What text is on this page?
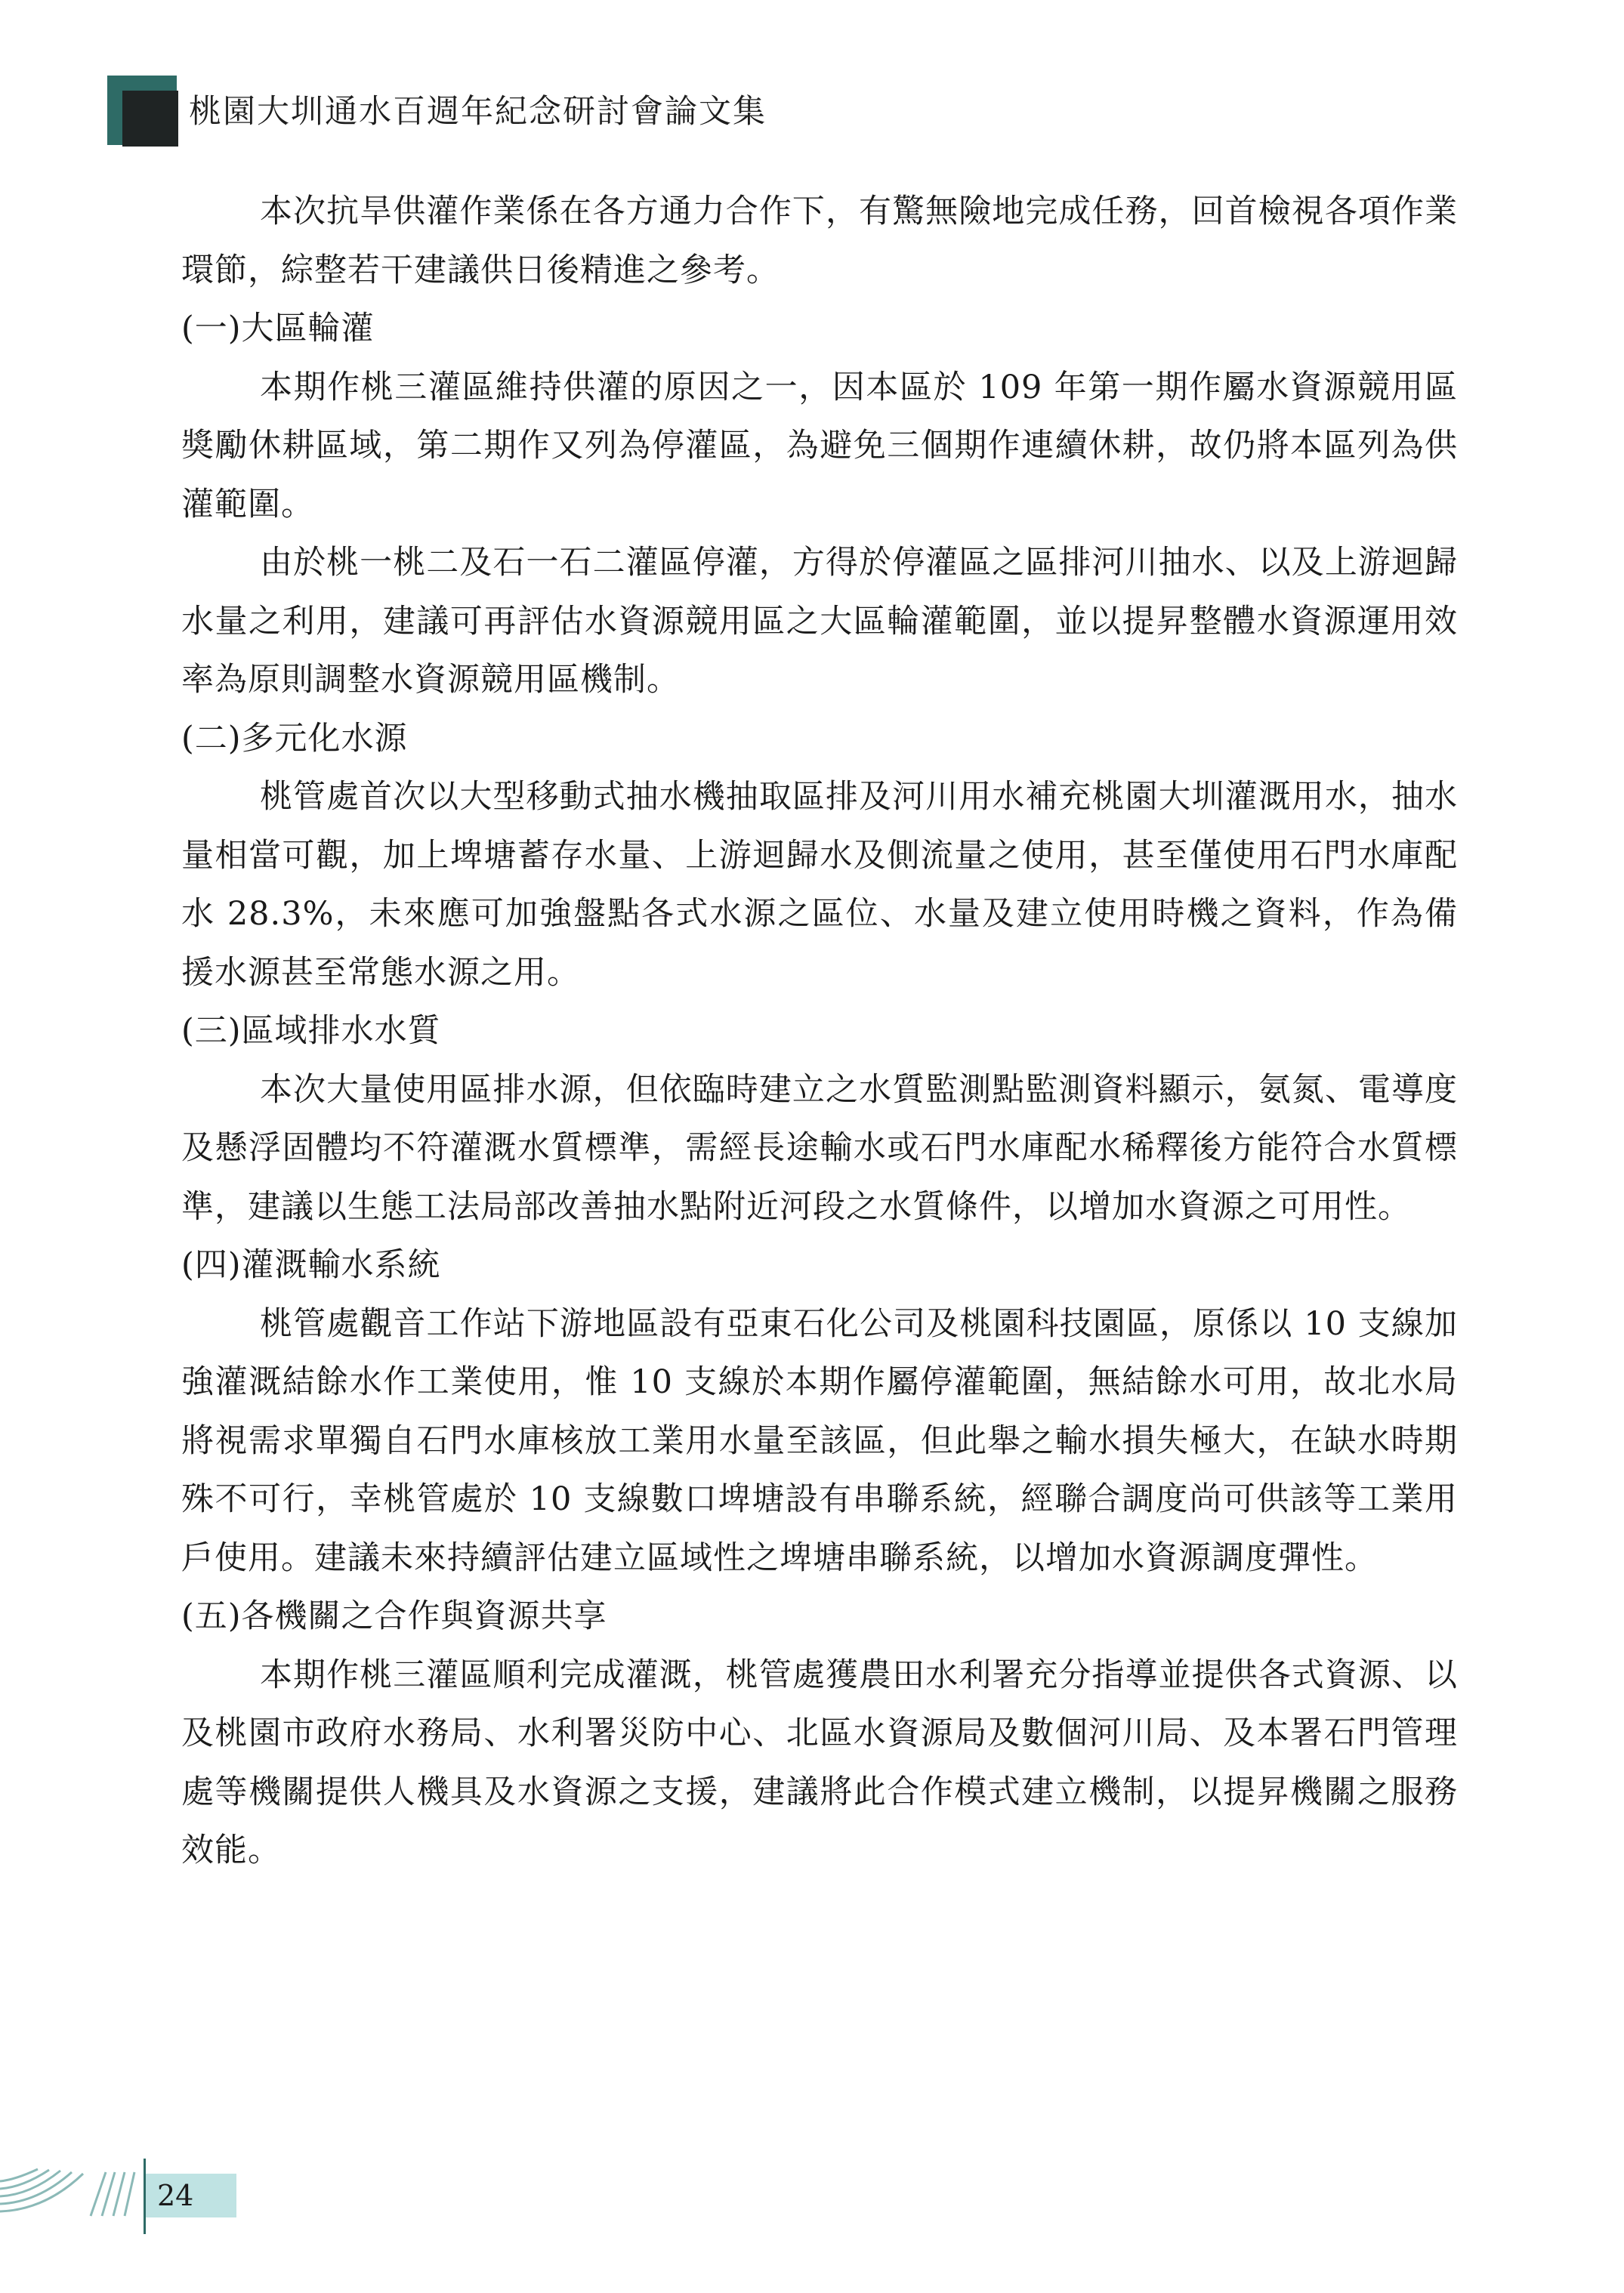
桃園大圳通水百週年紀念研討會論文集

本次抗旱供灌作業係在各方通力合作下，有驚無險地完成任務，回首檢視各項作業環節，綜整若干建議供日後精進之參考。

(一)大區輪灌

本期作桃三灌區維持供灌的原因之一，因本區於 109 年第一期作屬水資源競用區獎勵休耕區域，第二期作又列為停灌區，為避免三個期作連續休耕，故仍將本區列為供灌範圍。

由於桃一桃二及石一石二灌區停灌，方得於停灌區之區排河川抽水、以及上游迴歸水量之利用，建議可再評估水資源競用區之大區輪灌範圍，並以提昇整體水資源運用效率為原則調整水資源競用區機制。

(二)多元化水源

桃管處首次以大型移動式抽水機抽取區排及河川用水補充桃園大圳灌溉用水，抽水量相當可觀，加上埤塘蓄存水量、上游迴歸水及側流量之使用，甚至僅使用石門水庫配水 28.3%，未來應可加強盤點各式水源之區位、水量及建立使用時機之資料，作為備援水源甚至常態水源之用。

(三)區域排水水質

本次大量使用區排水源，但依臨時建立之水質監測點監測資料顯示，氨氮、電導度及懸浮固體均不符灌溉水質標準，需經長途輸水或石門水庫配水稀釋後方能符合水質標準，建議以生態工法局部改善抽水點附近河段之水質條件，以增加水資源之可用性。

(四)灌溉輸水系統

桃管處觀音工作站下游地區設有亞東石化公司及桃園科技園區，原係以 10 支線加強灌溉結餘水作工業使用，惟 10 支線於本期作屬停灌範圍，無結餘水可用，故北水局將視需求單獨自石門水庫核放工業用水量至該區，但此舉之輸水損失極大，在缺水時期殊不可行，幸桃管處於 10 支線數口埤塘設有串聯系統，經聯合調度尚可供該等工業用戶使用。建議未來持續評估建立區域性之埤塘串聯系統，以增加水資源調度彈性。

(五)各機關之合作與資源共享

本期作桃三灌區順利完成灌溉，桃管處獲農田水利署充分指導並提供各式資源、以及桃園市政府水務局、水利署災防中心、北區水資源局及數個河川局、及本署石門管理處等機關提供人機具及水資源之支援，建議將此合作模式建立機制，以提昇機關之服務效能。

24
